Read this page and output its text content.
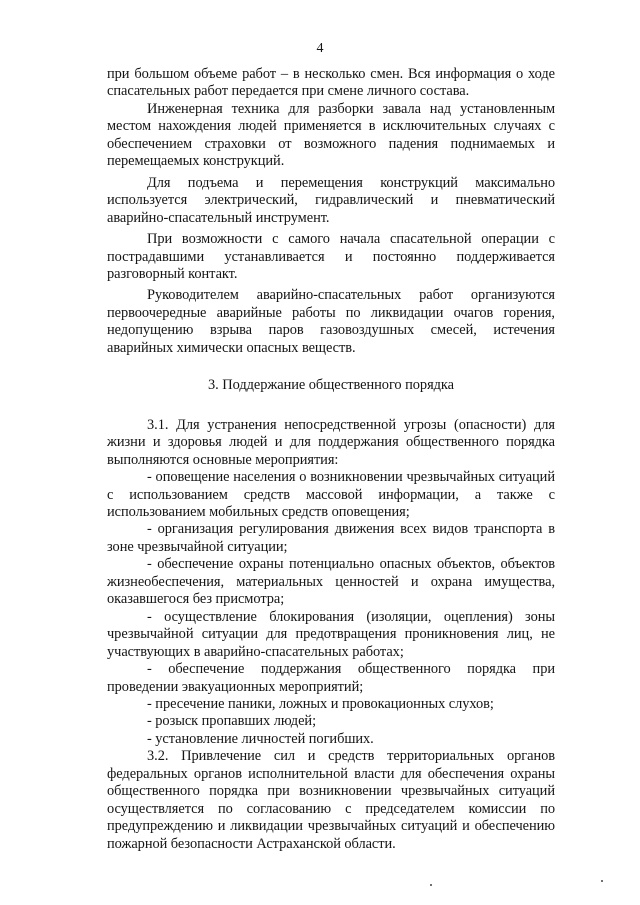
4

при большом объеме работ – в несколько смен. Вся информация о ходе спасательных работ передается при смене личного состава.

Инженерная техника для разборки завала над установленным местом нахождения людей применяется в исключительных случаях с обеспечением страховки от возможного падения поднимаемых и перемещаемых конструкций.

Для подъема и перемещения конструкций максимально используется электрический, гидравлический и пневматический аварийно-спасательный инструмент.

При возможности с самого начала спасательной операции с пострадавшими устанавливается и постоянно поддерживается разговорный контакт.

Руководителем аварийно-спасательных работ организуются первоочередные аварийные работы по ликвидации очагов горения, недопущению взрыва паров газовоздушных смесей, истечения аварийных химически опасных веществ.

3. Поддержание общественного порядка

3.1. Для устранения непосредственной угрозы (опасности) для жизни и здоровья людей и для поддержания общественного порядка выполняются основные мероприятия:

- оповещение населения о возникновении чрезвычайных ситуаций с использованием средств массовой информации, а также с использованием мобильных средств оповещения;

- организация регулирования движения всех видов транспорта в зоне чрезвычайной ситуации;

- обеспечение охраны потенциально опасных объектов, объектов жизнеобеспечения, материальных ценностей и охрана имущества, оказавшегося без присмотра;

- осуществление блокирования (изоляции, оцепления) зоны чрезвычайной ситуации для предотвращения проникновения лиц, не участвующих в аварийно-спасательных работах;

- обеспечение поддержания общественного порядка при проведении эвакуационных мероприятий;

- пресечение паники, ложных и провокационных слухов;

- розыск пропавших людей;

- установление личностей погибших.

3.2. Привлечение сил и средств территориальных органов федеральных органов исполнительной власти для обеспечения охраны общественного порядка при возникновении чрезвычайных ситуаций осуществляется по согласованию с председателем комиссии по предупреждению и ликвидации чрезвычайных ситуаций и обеспечению пожарной безопасности Астраханской области.
